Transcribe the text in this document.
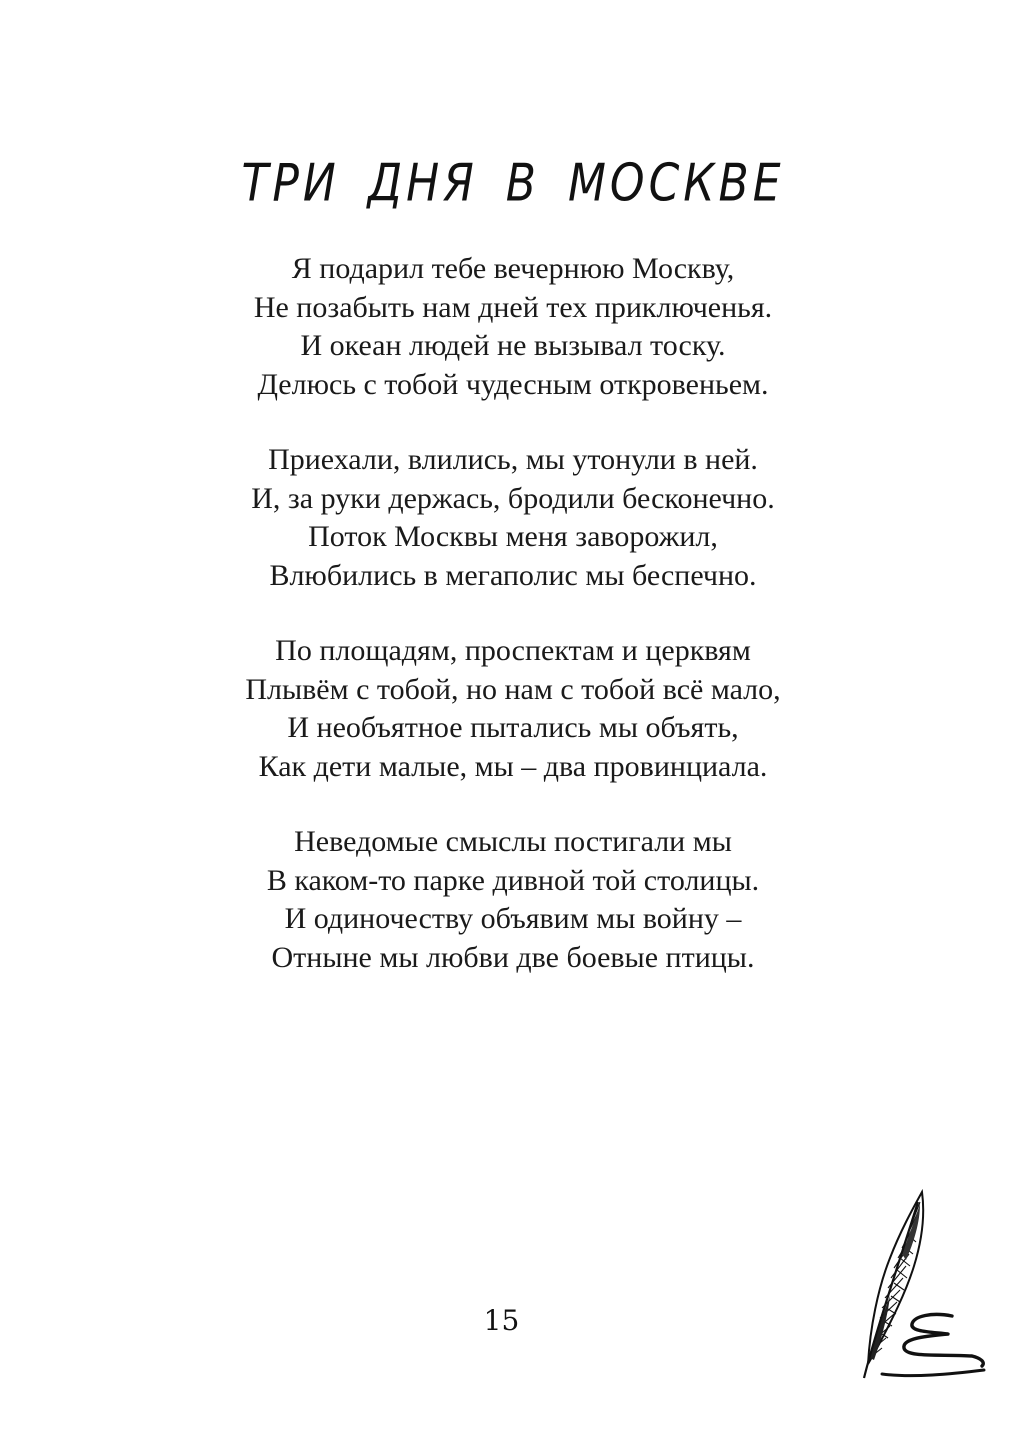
ТРИ ДНЯ В МОСКВЕ
Я подарил тебе вечернюю Москву,
Не позабыть нам дней тех приключенья.
И океан людей не вызывал тоску.
Делюсь с тобой чудесным откровеньем.
Приехали, влились, мы утонули в ней.
И, за руки держась, бродили бесконечно.
Поток Москвы меня заворожил,
Влюбились в мегаполис мы беспечно.
По площадям, проспектам и церквям
Плывём с тобой, но нам с тобой всё мало,
И необъятное пытались мы объять,
Как дети малые, мы – два провинциала.
Неведомые смыслы постигали мы
В каком-то парке дивной той столицы.
И одиночеству объявим мы войну –
Отныне мы любви две боевые птицы.
15
